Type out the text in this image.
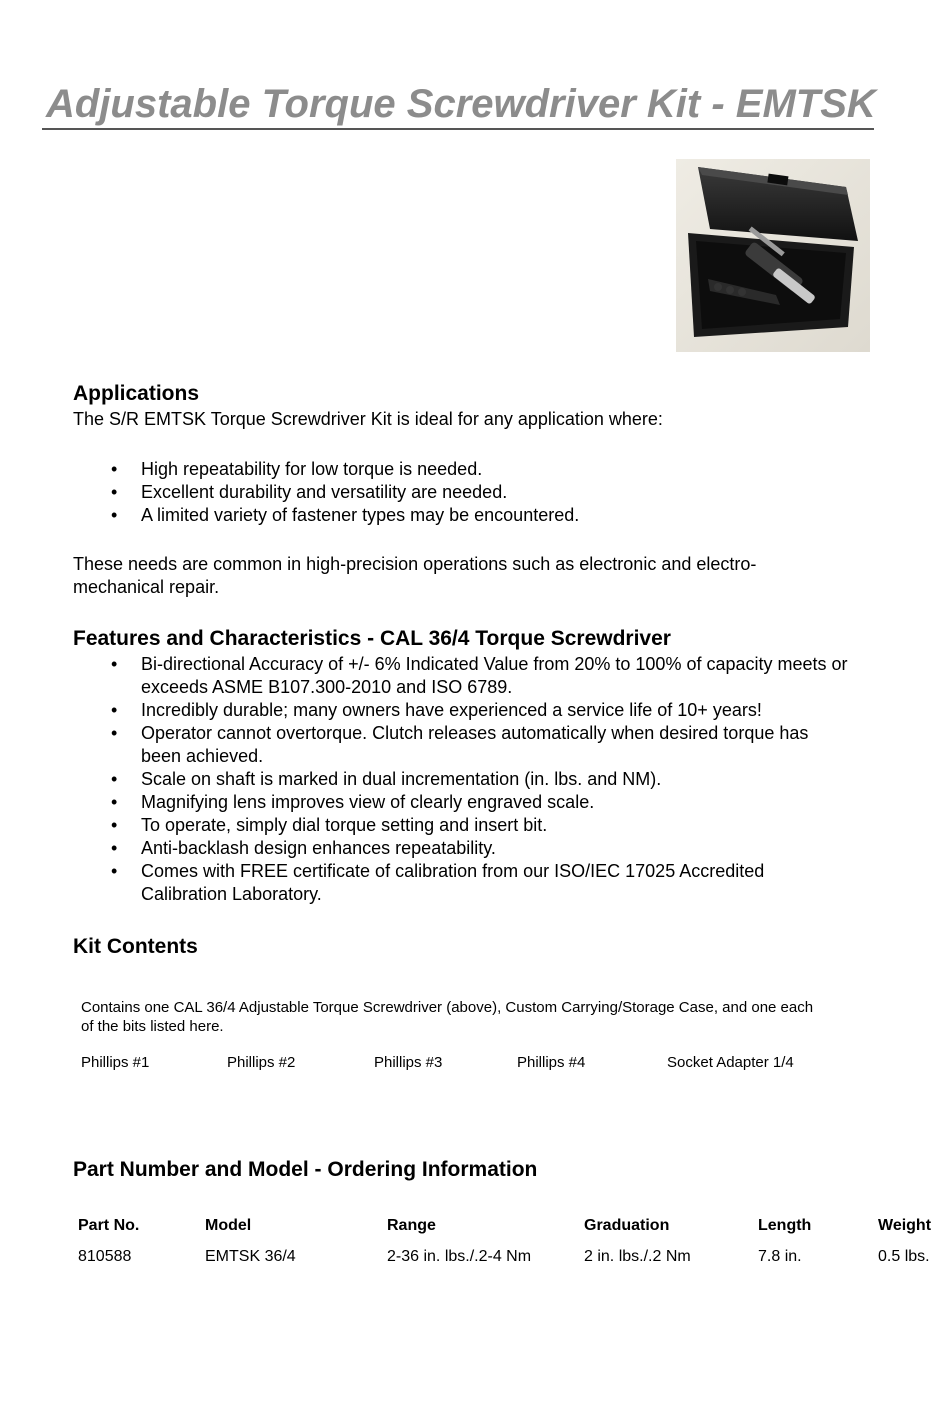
Adjustable Torque Screwdriver Kit - EMTSK
Applications

The S/R EMTSK Torque Screwdriver Kit is ideal for any application where:

• High repeatability for low torque is needed.
• Excellent durability and versatility are needed.
• A limited variety of fastener types may be encountered.

These needs are common in high-precision operations such as electronic and electro-mechanical repair.

Features and Characteristics - CAL 36/4 Torque Screwdriver
• Bi-directional Accuracy of +/- 6% Indicated Value from 20% to 100% of capacity meets or exceeds ASME B107.300-2010 and ISO 6789.
• Incredibly durable; many owners have experienced a service life of 10+ years!
• Operator cannot overtorque. Clutch releases automatically when desired torque has been achieved.
• Scale on shaft is marked in dual incrementation (in. lbs. and NM).
• Magnifying lens improves view of clearly engraved scale.
• To operate, simply dial torque setting and insert bit.
• Anti-backlash design enhances repeatability.
• Comes with FREE certificate of calibration from our ISO/IEC 17025 Accredited Calibration Laboratory.
Kit Contents

Contains one CAL 36/4 Adjustable Torque Screwdriver (above), Custom Carrying/Storage Case, and one each of the bits listed here.

Phillips #1	Phillips #2	Phillips #3	Phillips #4	Socket Adapter 1/4
Part Number and Model - Ordering Information
Part No.	Model	Range	Graduation	Length	Weight
810588	EMTSK 36/4	2-36 in. lbs./.2-4 Nm	2 in. lbs./.2 Nm	7.8 in.	0.5 lbs.
